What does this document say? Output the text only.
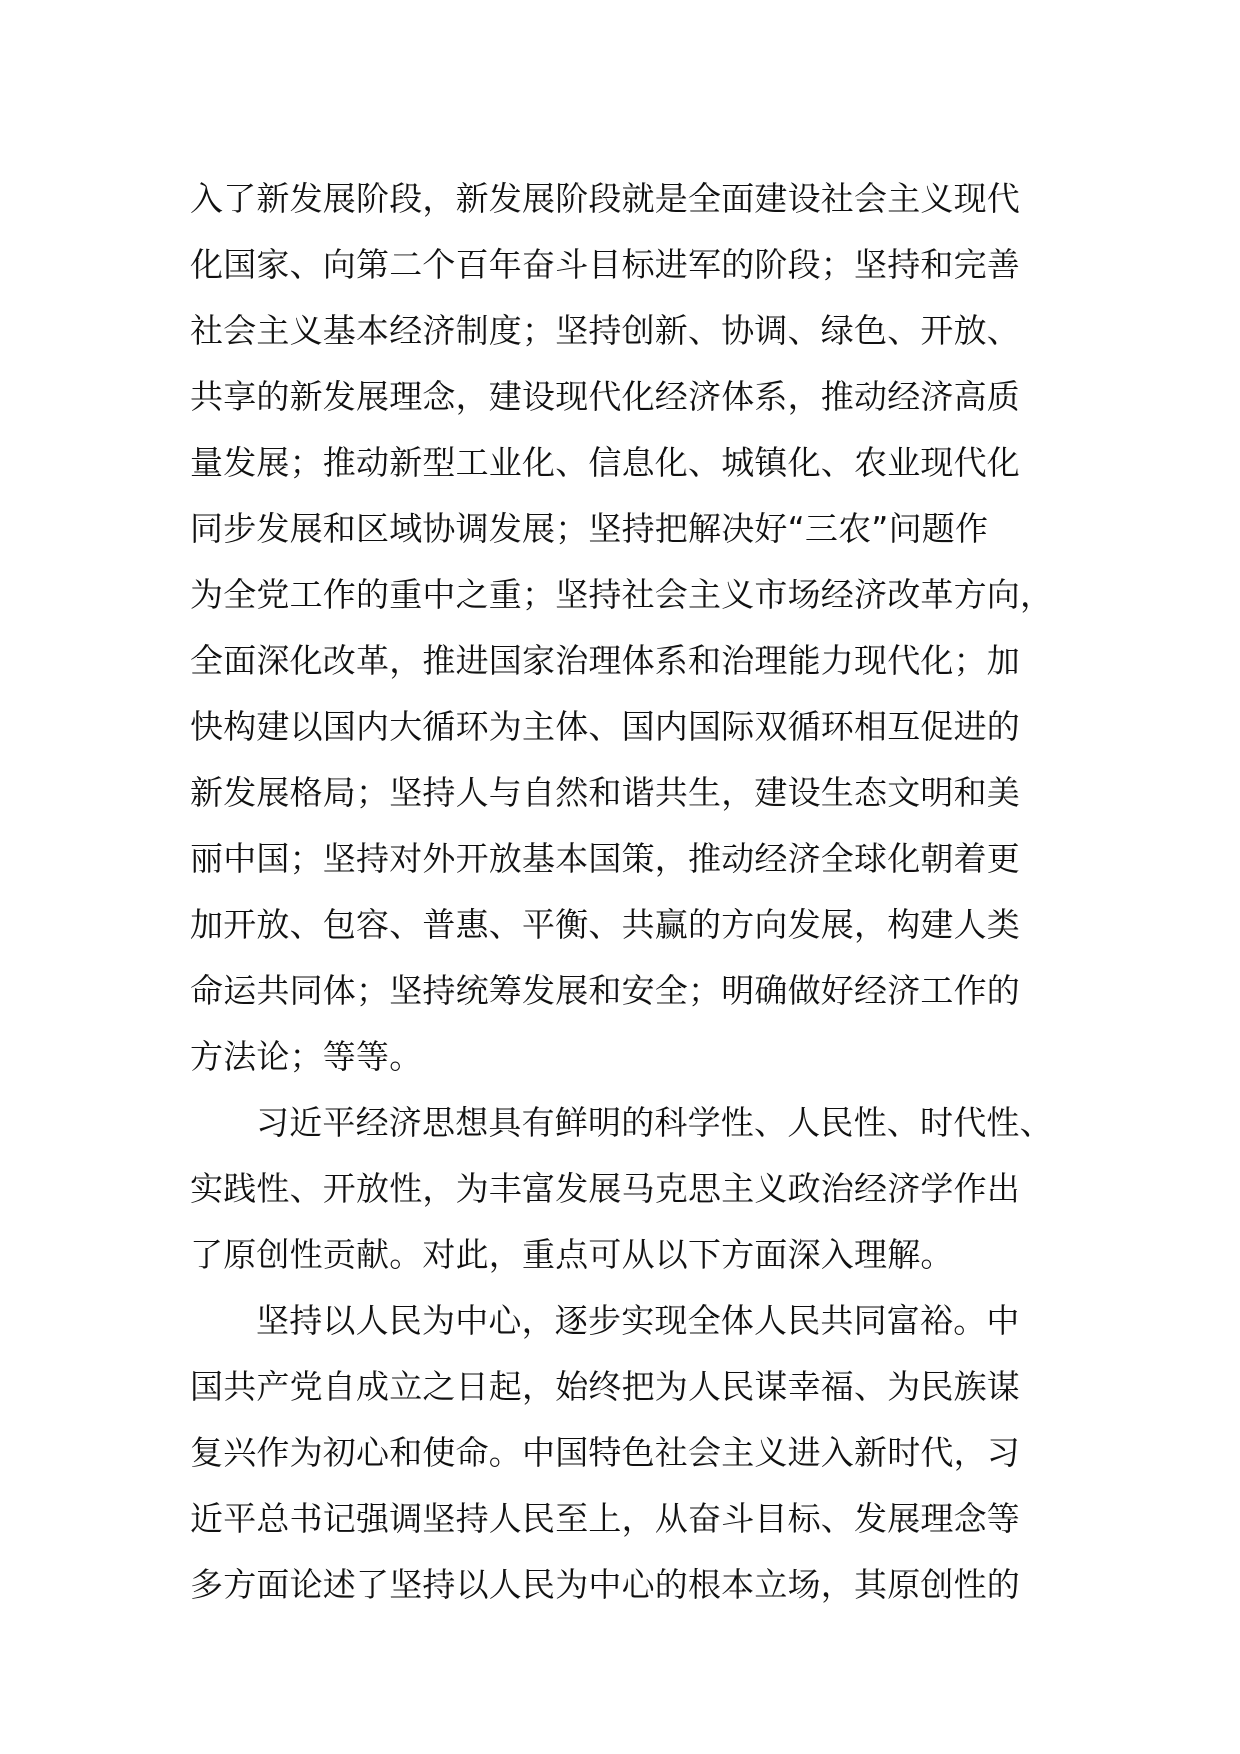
入了新发展阶段，新发展阶段就是全面建设社会主义现代
化国家、向第二个百年奋斗目标进军的阶段；坚持和完善
社会主义基本经济制度；坚持创新、协调、绿色、开放、
共享的新发展理念，建设现代化经济体系，推动经济高质
量发展；推动新型工业化、信息化、城镇化、农业现代化
同步发展和区域协调发展；坚持把解决好“三农”问题作
为全党工作的重中之重；坚持社会主义市场经济改革方向，
全面深化改革，推进国家治理体系和治理能力现代化；加
快构建以国内大循环为主体、国内国际双循环相互促进的
新发展格局；坚持人与自然和谐共生，建设生态文明和美
丽中国；坚持对外开放基本国策，推动经济全球化朝着更
加开放、包容、普惠、平衡、共赢的方向发展，构建人类
命运共同体；坚持统筹发展和安全；明确做好经济工作的
方法论；等等。
习近平经济思想具有鲜明的科学性、人民性、时代性、
实践性、开放性，为丰富发展马克思主义政治经济学作出
了原创性贡献。对此，重点可从以下方面深入理解。
坚持以人民为中心，逐步实现全体人民共同富裕。中
国共产党自成立之日起，始终把为人民谋幸福、为民族谋
复兴作为初心和使命。中国特色社会主义进入新时代，习
近平总书记强调坚持人民至上，从奋斗目标、发展理念等
多方面论述了坚持以人民为中心的根本立场，其原创性的
